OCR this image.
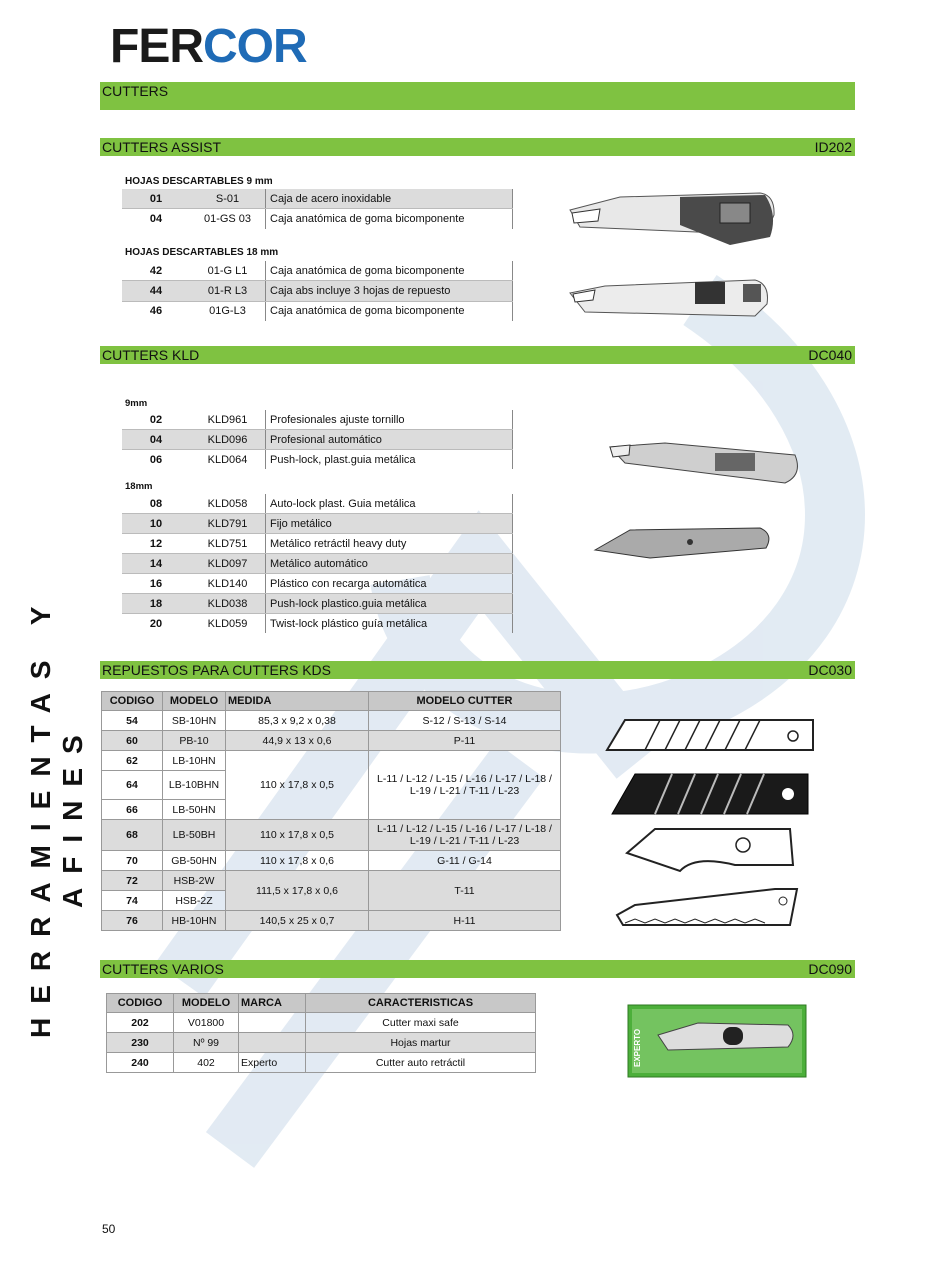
FERCOR
CUTTERS
HERRAMIENTAS Y AFINES
CUTTERS ASSIST	ID202
HOJAS DESCARTABLES 9 mm
01	S-01	Caja de acero inoxidable
04	01-GS 03	Caja anatómica de goma bicomponente
HOJAS DESCARTABLES 18 mm
42	01-G L1	Caja anatómica de goma bicomponente
44	01-R L3	Caja abs incluye 3 hojas de repuesto
46	01G-L3	Caja anatómica de goma bicomponente
CUTTERS KLD	DC040
9mm
02	KLD961	Profesionales ajuste tornillo
04	KLD096	Profesional automático
06	KLD064	Push-lock, plast.guia metálica
18mm
08	KLD058	Auto-lock plast. Guia metálica
10	KLD791	Fijo metálico
12	KLD751	Metálico retráctil heavy duty
14	KLD097	Metálico automático
16	KLD140	Plástico con recarga automática
18	KLD038	Push-lock plastico.guia metálica
20	KLD059	Twist-lock plástico guía metálica
REPUESTOS PARA CUTTERS KDS	DC030
CODIGO	MODELO	MEDIDA	MODELO CUTTER
54	SB-10HN	85,3 x 9,2 x 0,38	S-12 / S-13 / S-14
60	PB-10	44,9 x 13 x 0,6	P-11
62	LB-10HN	110 x 17,8 x 0,5	L-11 / L-12 / L-15 / L-16 / L-17 / L-18 / L-19 / L-21 / T-11 / L-23
64	LB-10BHN		
66	LB-50HN		
68	LB-50BH	110 x 17,8 x 0,5	L-11 / L-12 / L-15 / L-16 / L-17 / L-18 / L-19 / L-21 / T-11 / L-23
70	GB-50HN	110 x 17,8 x 0,6	G-11 / G-14
72	HSB-2W	111,5 x 17,8 x 0,6	T-11
74	HSB-2Z		
76	HB-10HN	140,5 x 25 x 0,7	H-11
CUTTERS VARIOS	DC090
CODIGO	MODELO	MARCA	CARACTERISTICAS
202	V01800		Cutter maxi safe
230	Nº 99		Hojas martur
240	402	Experto	Cutter auto retráctil	EXPERTO
50
